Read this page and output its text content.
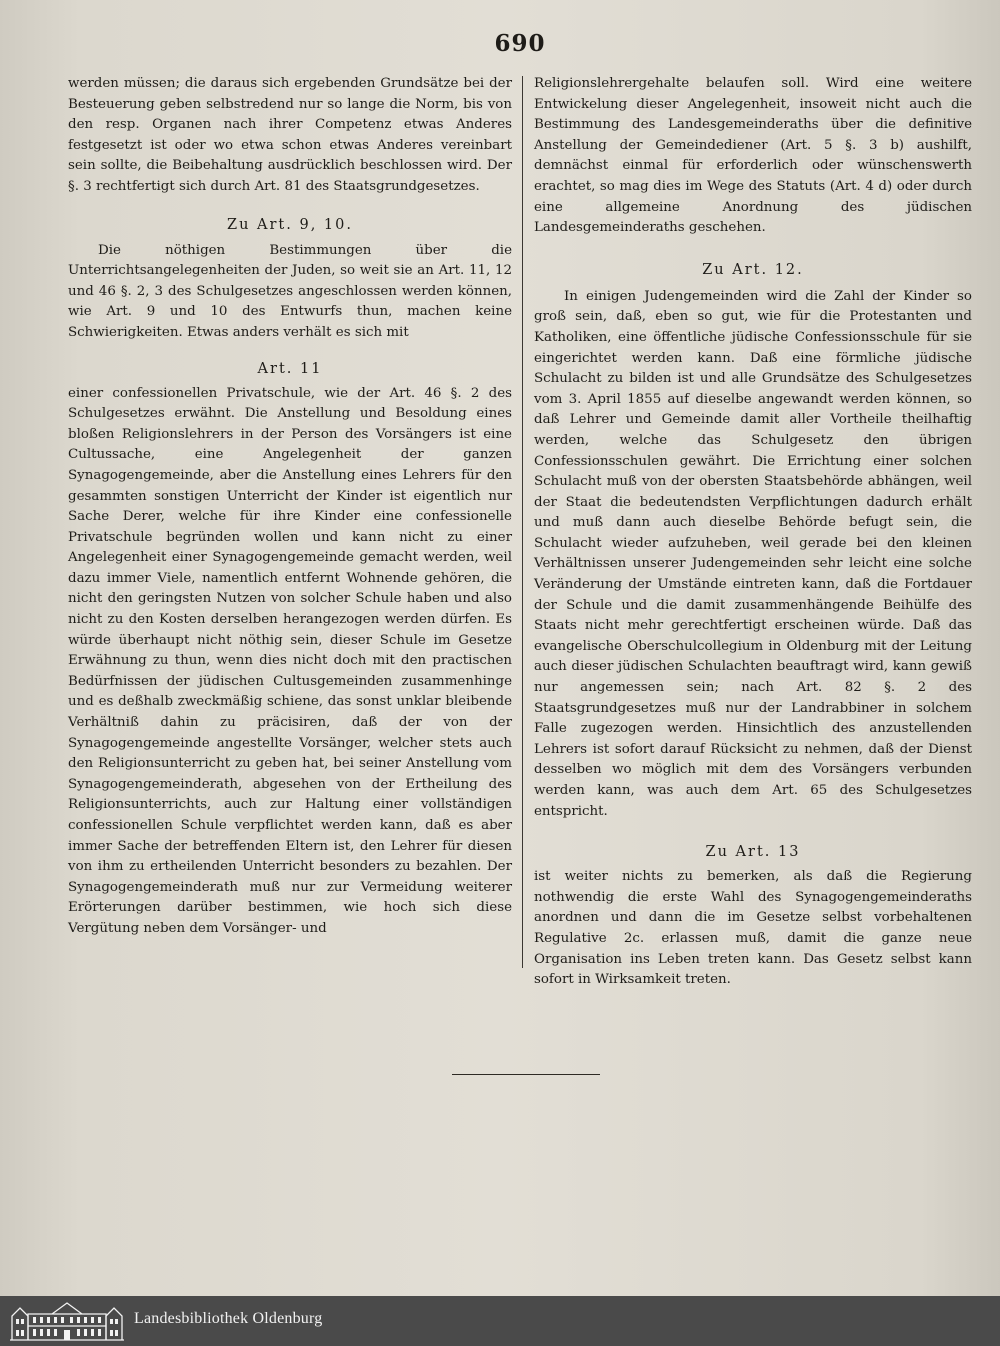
690

werden müssen; die daraus sich ergebenden Grundsätze bei der Besteuerung geben selbstredend nur so lange die Norm, bis von den resp. Organen nach ihrer Competenz etwas Anderes festgesetzt ist oder wo etwa schon etwas Anderes vereinbart sein sollte, die Beibehaltung ausdrücklich beschlossen wird. Der §. 3 rechtfertigt sich durch Art. 81 des Staatsgrundgesetzes.

Zu Art. 9, 10.

Die nöthigen Bestimmungen über die Unterrichtsangelegenheiten der Juden, so weit sie an Art. 11, 12 und 46 §. 2, 3 des Schulgesetzes angeschlossen werden können, wie Art. 9 und 10 des Entwurfs thun, machen keine Schwierigkeiten. Etwas anders verhält es sich mit

Art. 11

einer confessionellen Privatschule, wie der Art. 46 §. 2 des Schulgesetzes erwähnt. Die Anstellung und Besoldung eines bloßen Religionslehrers in der Person des Vorsängers ist eine Cultussache, eine Angelegenheit der ganzen Synagogengemeinde, aber die Anstellung eines Lehrers für den gesammten sonstigen Unterricht der Kinder ist eigentlich nur Sache Derer, welche für ihre Kinder eine confessionelle Privatschule begründen wollen und kann nicht zu einer Angelegenheit einer Synagogengemeinde gemacht werden, weil dazu immer Viele, namentlich entfernt Wohnende gehören, die nicht den geringsten Nutzen von solcher Schule haben und also nicht zu den Kosten derselben herangezogen werden dürfen. Es würde überhaupt nicht nöthig sein, dieser Schule im Gesetze Erwähnung zu thun, wenn dies nicht doch mit den practischen Bedürfnissen der jüdischen Cultusgemeinden zusammenhinge und es deßhalb zweckmäßig schiene, das sonst unklar bleibende Verhältniß dahin zu präcisiren, daß der von der Synagogengemeinde angestellte Vorsänger, welcher stets auch den Religionsunterricht zu geben hat, bei seiner Anstellung vom Synagogengemeinderath, abgesehen von der Ertheilung des Religionsunterrichts, auch zur Haltung einer vollständigen confessionellen Schule verpflichtet werden kann, daß es aber immer Sache der betreffenden Eltern ist, den Lehrer für diesen von ihm zu ertheilenden Unterricht besonders zu bezahlen. Der Synagogengemeinderath muß nur zur Vermeidung weiterer Erörterungen darüber bestimmen, wie hoch sich diese Vergütung neben dem Vorsänger- und

Religionslehrergehalte belaufen soll. Wird eine weitere Entwickelung dieser Angelegenheit, insoweit nicht auch die Bestimmung des Landesgemeinderaths über die definitive Anstellung der Gemeindediener (Art. 5 §. 3 b) aushilft, demnächst einmal für erforderlich oder wünschenswerth erachtet, so mag dies im Wege des Statuts (Art. 4 d) oder durch eine allgemeine Anordnung des jüdischen Landesgemeinderaths geschehen.

Zu Art. 12.

In einigen Judengemeinden wird die Zahl der Kinder so groß sein, daß, eben so gut, wie für die Protestanten und Katholiken, eine öffentliche jüdische Confessionsschule für sie eingerichtet werden kann. Daß eine förmliche jüdische Schulacht zu bilden ist und alle Grundsätze des Schulgesetzes vom 3. April 1855 auf dieselbe angewandt werden können, so daß Lehrer und Gemeinde damit aller Vortheile theilhaftig werden, welche das Schulgesetz den übrigen Confessionsschulen gewährt. Die Errichtung einer solchen Schulacht muß von der obersten Staatsbehörde abhängen, weil der Staat die bedeutendsten Verpflichtungen dadurch erhält und muß dann auch dieselbe Behörde befugt sein, die Schulacht wieder aufzuheben, weil gerade bei den kleinen Verhältnissen unserer Judengemeinden sehr leicht eine solche Veränderung der Umstände eintreten kann, daß die Fortdauer der Schule und die damit zusammenhängende Beihülfe des Staats nicht mehr gerechtfertigt erscheinen würde. Daß das evangelische Oberschulcollegium in Oldenburg mit der Leitung auch dieser jüdischen Schulachten beauftragt wird, kann gewiß nur angemessen sein; nach Art. 82 §. 2 des Staatsgrundgesetzes muß nur der Landrabbiner in solchem Falle zugezogen werden. Hinsichtlich des anzustellenden Lehrers ist sofort darauf Rücksicht zu nehmen, daß der Dienst desselben wo möglich mit dem des Vorsängers verbunden werden kann, was auch dem Art. 65 des Schulgesetzes entspricht.

Zu Art. 13

ist weiter nichts zu bemerken, als daß die Regierung nothwendig die erste Wahl des Synagogengemeinderaths anordnen und dann die im Gesetze selbst vorbehaltenen Regulative 2c. erlassen muß, damit die ganze neue Organisation ins Leben treten kann. Das Gesetz selbst kann sofort in Wirksamkeit treten.

Landesbibliothek Oldenburg
